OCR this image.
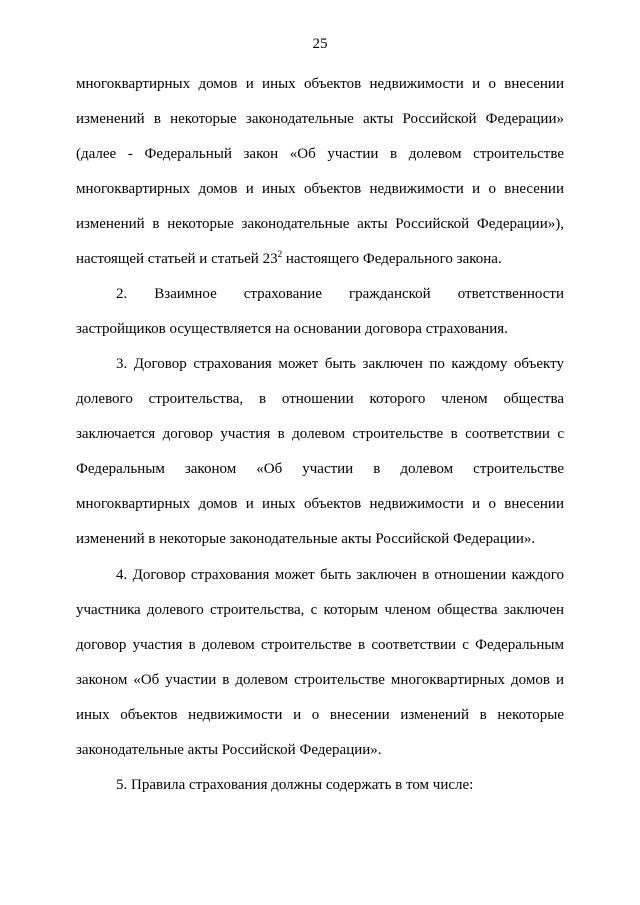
25
многоквартирных домов и иных объектов недвижимости и о внесении
изменений в некоторые законодательные акты Российской Федерации»
(далее - Федеральный закон «Об участии в долевом строительстве
многоквартирных домов и иных объектов недвижимости и о внесении
изменений в некоторые законодательные акты Российской Федерации»),
настоящей статьей и статьей $23^2$ настоящего Федерального закона.
2. Взаимное страхование гражданской ответственности
застройщиков осуществляется на основании договора страхования.
3. Договор страхования может быть заключен по каждому объекту
долевого строительства, в отношении которого членом общества
заключается договор участия в долевом строительстве в соответствии с
Федеральным законом «Об участии в долевом строительстве
многоквартирных домов и иных объектов недвижимости и о внесении
изменений в некоторые законодательные акты Российской Федерации».
4. Договор страхования может быть заключен в отношении каждого
участника долевого строительства, с которым членом общества заключен
договор участия в долевом строительстве в соответствии с Федеральным
законом «Об участии в долевом строительстве многоквартирных домов и
иных объектов недвижимости и о внесении изменений в некоторые
законодательные акты Российской Федерации».
5. Правила страхования должны содержать в том числе:
